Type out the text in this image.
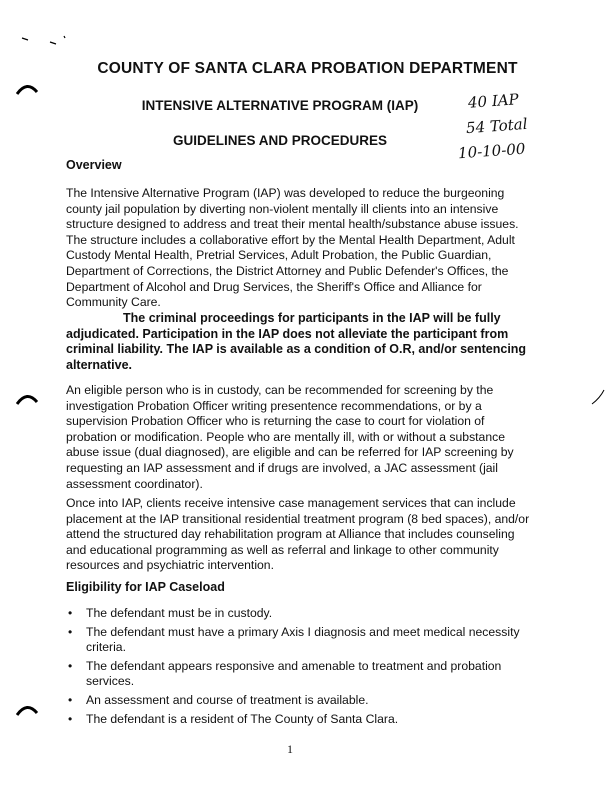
COUNTY OF SANTA CLARA PROBATION DEPARTMENT
INTENSIVE ALTERNATIVE PROGRAM (IAP)
GUIDELINES AND PROCEDURES
40 IAP
54 Total
10-10-00
Overview

The Intensive Alternative Program (IAP) was developed to reduce the burgeoning county jail population by diverting non-violent mentally ill clients into an intensive structure designed to address and treat their mental health/substance abuse issues. The structure includes a collaborative effort by the Mental Health Department, Adult Custody Mental Health, Pretrial Services, Adult Probation, the Public Guardian, Department of Corrections, the District Attorney and Public Defender's Offices, the Department of Alcohol and Drug Services, the Sheriff's Office and Alliance for Community Care.

The criminal proceedings for participants in the IAP will be fully
adjudicated. Participation in the IAP does not alleviate the participant from criminal liability. The IAP is available as a condition of O.R, and/or sentencing alternative.

An eligible person who is in custody, can be recommended for screening by the investigation Probation Officer writing presentence recommendations, or by a supervision Probation Officer who is returning the case to court for violation of probation or modification. People who are mentally ill, with or without a substance abuse issue (dual diagnosed), are eligible and can be referred for IAP screening by requesting an IAP assessment and if drugs are involved, a JAC assessment (jail assessment coordinator).

Once into IAP, clients receive intensive case management services that can include placement at the IAP transitional residential treatment program (8 bed spaces), and/or attend the structured day rehabilitation program at Alliance that includes counseling and educational programming as well as referral and linkage to other community resources and psychiatric intervention.

Eligibility for IAP Caseload
• The defendant must be in custody.
• The defendant must have a primary Axis I diagnosis and meet medical necessity criteria.
• The defendant appears responsive and amenable to treatment and probation services.
• An assessment and course of treatment is available.
• The defendant is a resident of The County of Santa Clara.
1
